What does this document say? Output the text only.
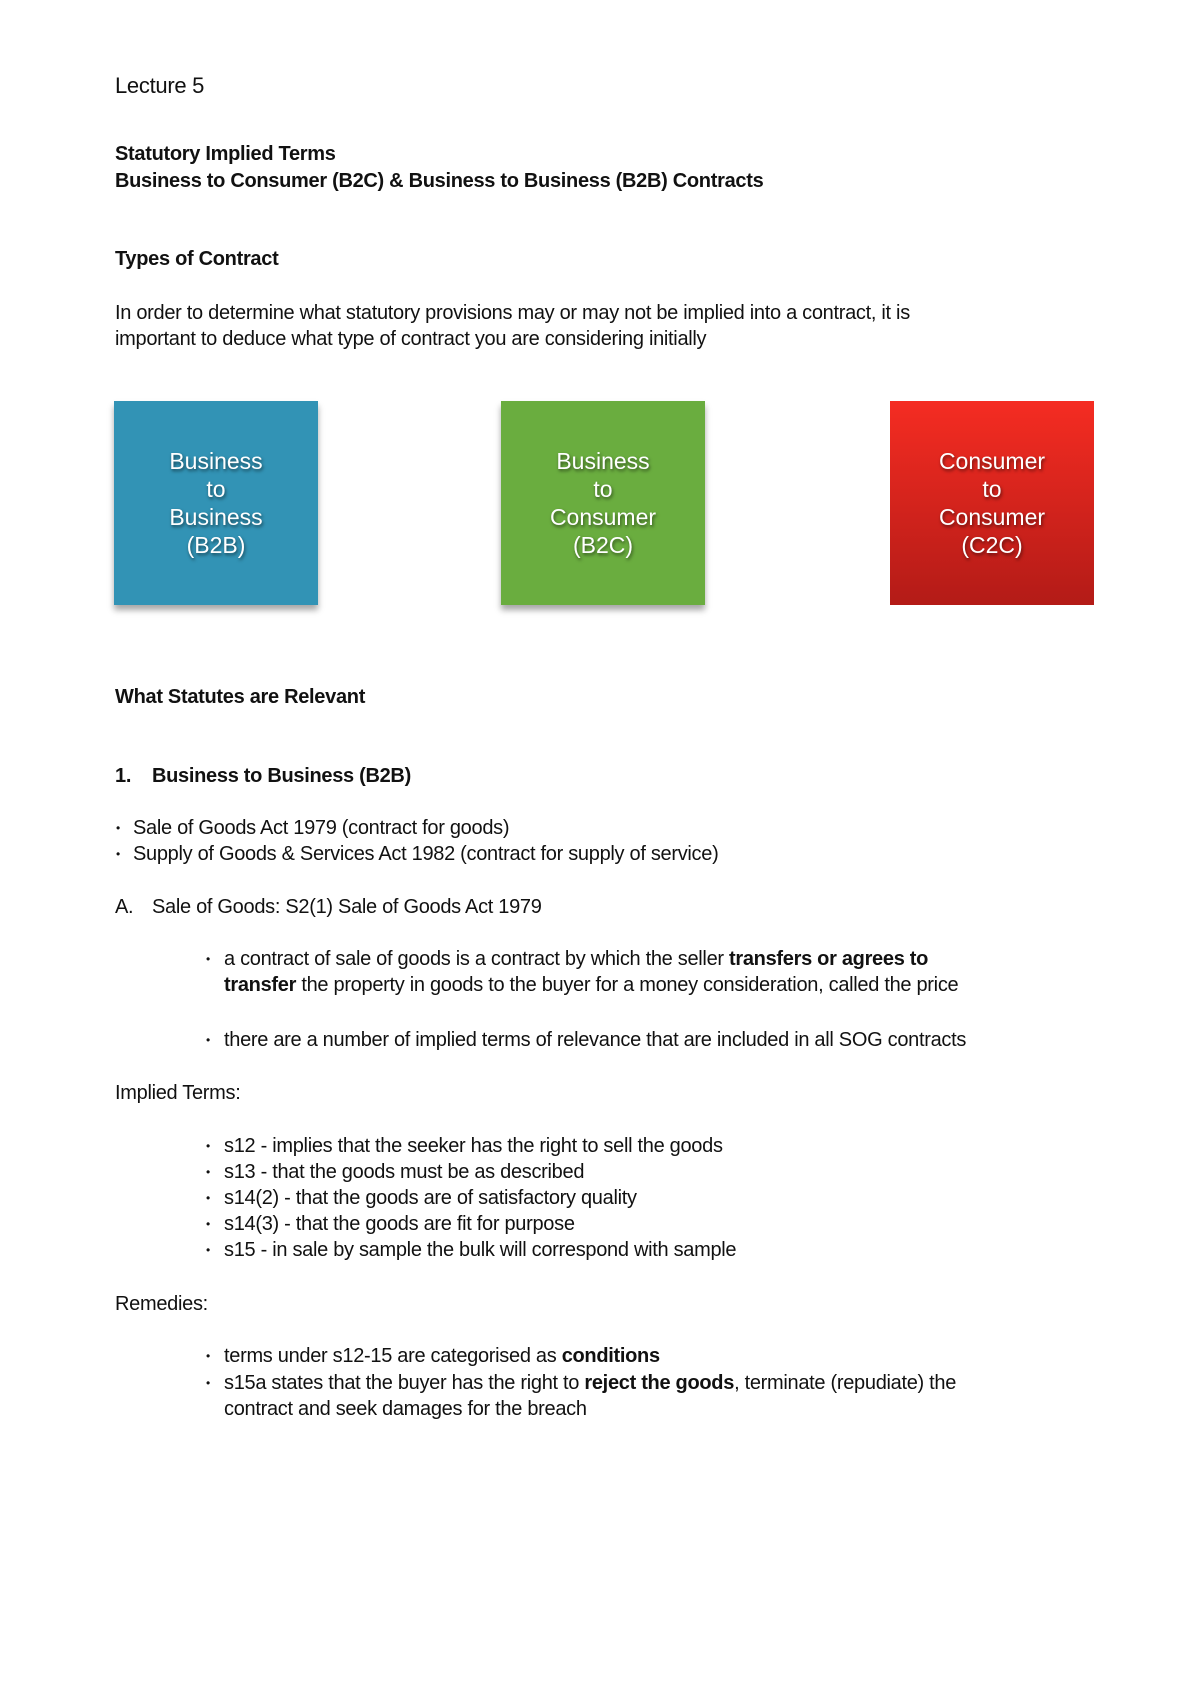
Lecture 5
Statutory Implied Terms
Business to Consumer (B2C) & Business to Business (B2B) Contracts
Types of Contract
In order to determine what statutory provisions may or may not be implied into a contract, it is
important to deduce what type of contract you are considering initially
Business
to
Business
(B2B)
Business
to
Consumer
(B2C)
Consumer
to
Consumer
(C2C)
What Statutes are Relevant
1. Business to Business (B2B)
• Sale of Goods Act 1979 (contract for goods)
• Supply of Goods & Services Act 1982 (contract for supply of service)
A. Sale of Goods: S2(1) Sale of Goods Act 1979
• a contract of sale of goods is a contract by which the seller transfers or agrees to
transfer the property in goods to the buyer for a money consideration, called the price
• there are a number of implied terms of relevance that are included in all SOG contracts
Implied Terms:
• s12 - implies that the seeker has the right to sell the goods
• s13 - that the goods must be as described
• s14(2) - that the goods are of satisfactory quality
• s14(3) - that the goods are fit for purpose
• s15 - in sale by sample the bulk will correspond with sample
Remedies:
• terms under s12-15 are categorised as conditions
• s15a states that the buyer has the right to reject the goods, terminate (repudiate) the
contract and seek damages for the breach
